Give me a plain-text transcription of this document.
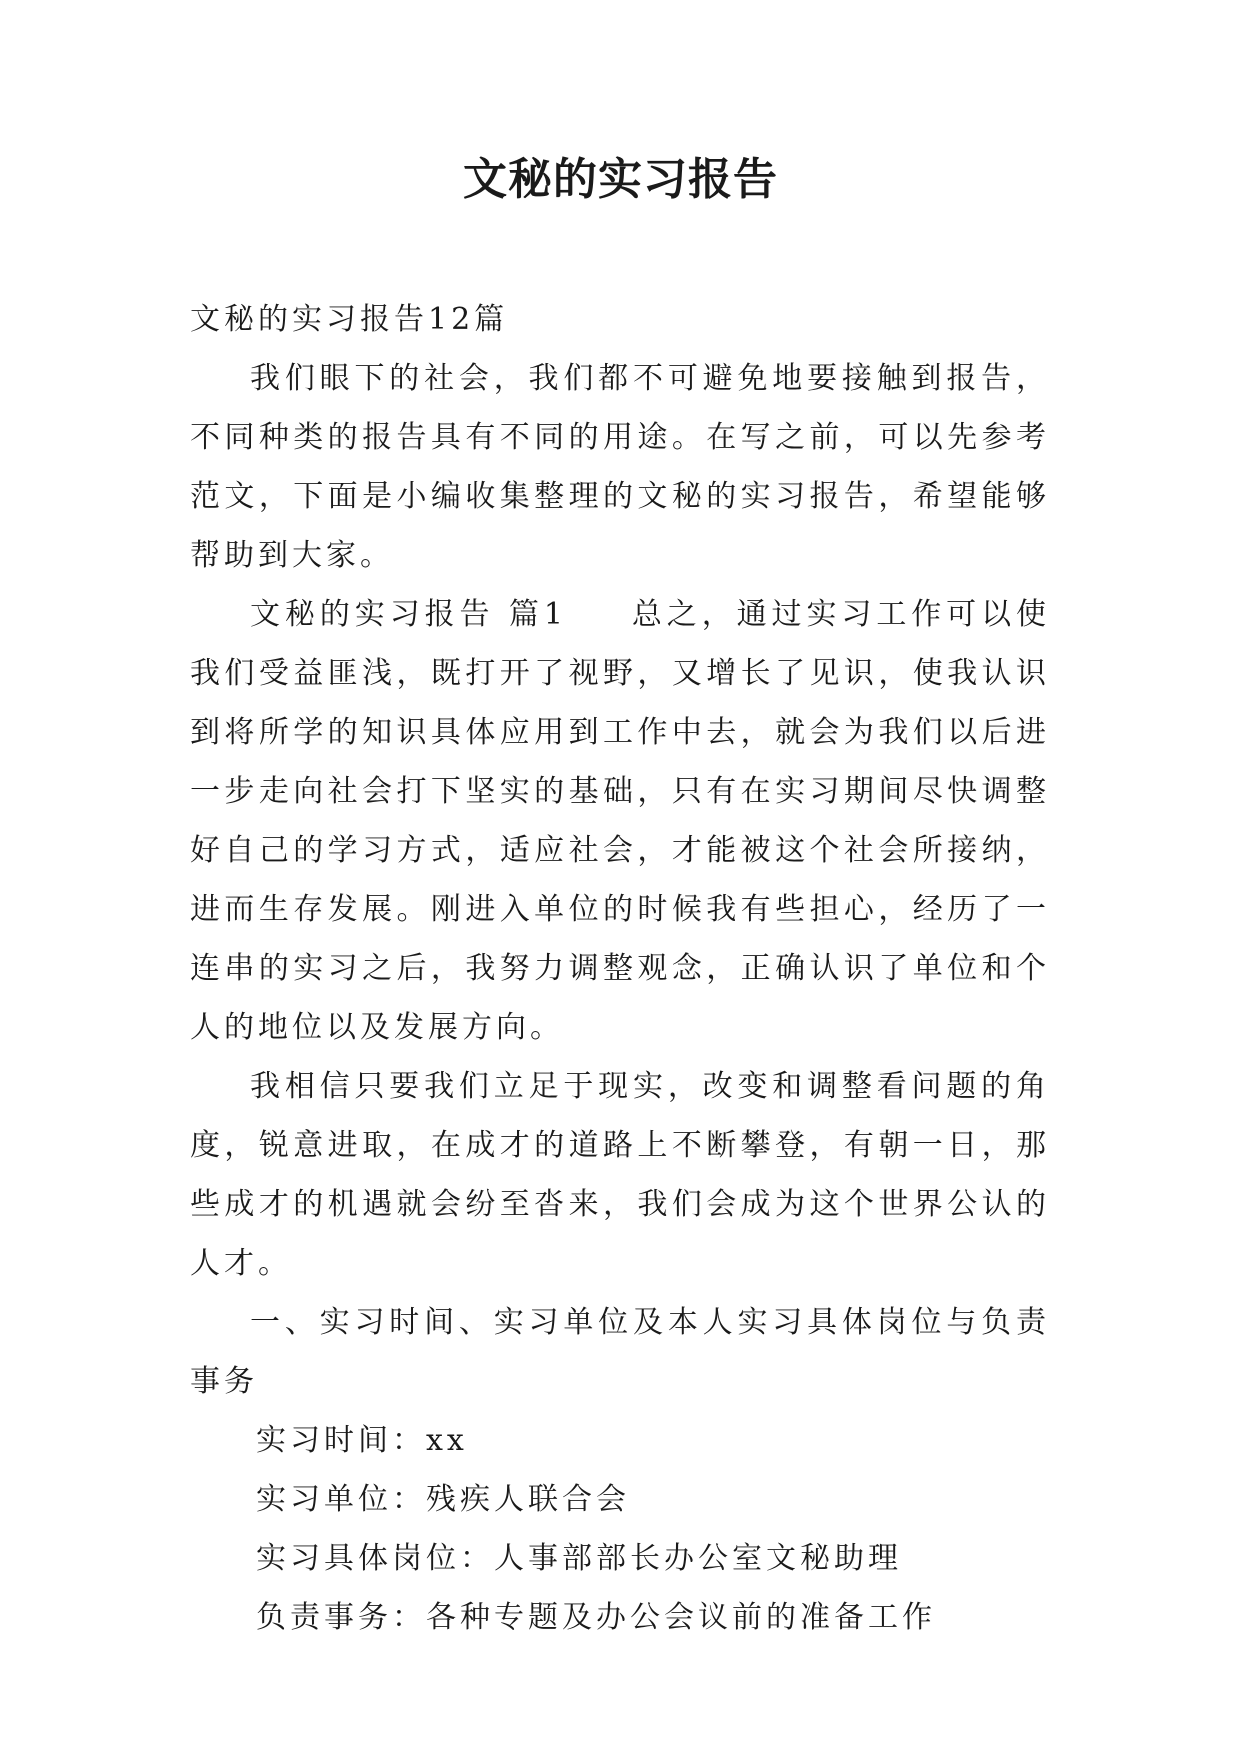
文秘的实习报告

文秘的实习报告12篇

我们眼下的社会，我们都不可避免地要接触到报告，不同种类的报告具有不同的用途。在写之前，可以先参考范文，下面是小编收集整理的文秘的实习报告，希望能够帮助到大家。

文秘的实习报告 篇1 总之，通过实习工作可以使我们受益匪浅，既打开了视野，又增长了见识，使我认识到将所学的知识具体应用到工作中去，就会为我们以后进一步走向社会打下坚实的基础，只有在实习期间尽快调整好自己的学习方式，适应社会，才能被这个社会所接纳，进而生存发展。刚进入单位的时候我有些担心，经历了一连串的实习之后，我努力调整观念，正确认识了单位和个人的地位以及发展方向。

我相信只要我们立足于现实，改变和调整看问题的角度，锐意进取，在成才的道路上不断攀登，有朝一日，那些成才的机遇就会纷至沓来，我们会成为这个世界公认的人才。

一、实习时间、实习单位及本人实习具体岗位与负责事务

实习时间：xx

实习单位：残疾人联合会

实习具体岗位：人事部部长办公室文秘助理

负责事务：各种专题及办公会议前的准备工作
